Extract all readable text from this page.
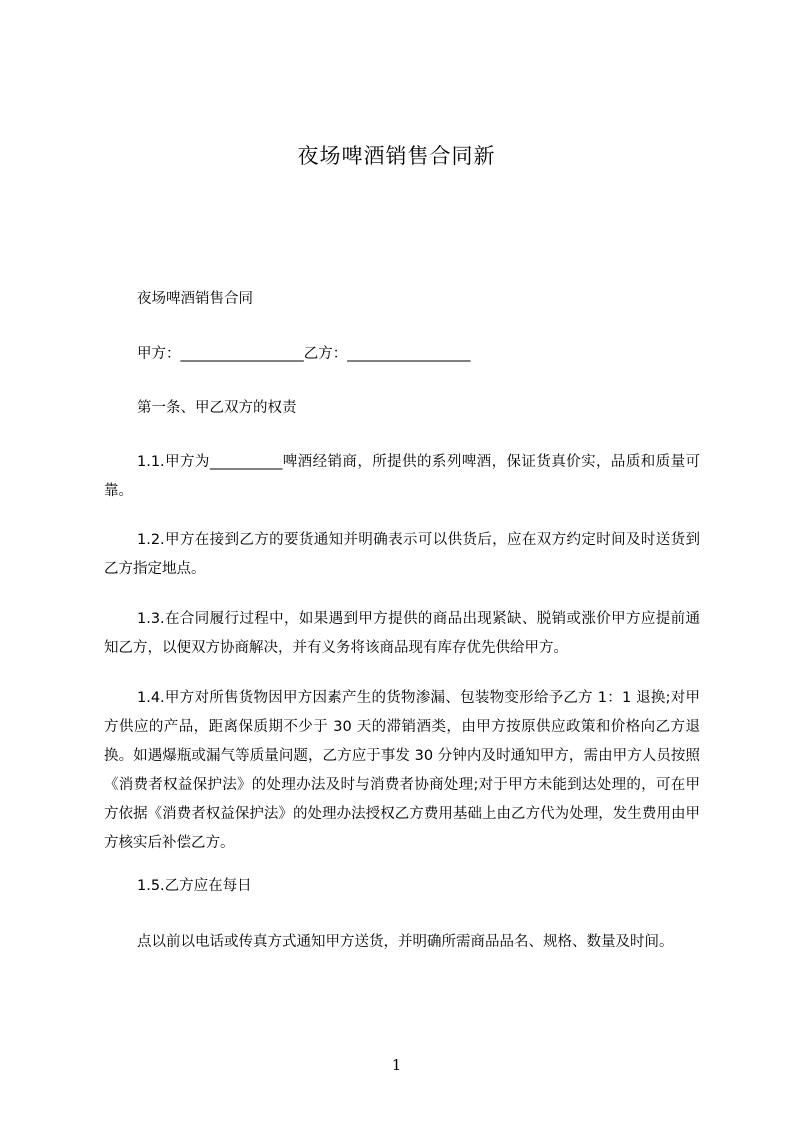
夜场啤酒销售合同新

夜场啤酒销售合同

甲方：_________________乙方：_________________

第一条、甲乙双方的权责

1.1.甲方为__________啤酒经销商，所提供的系列啤酒，保证货真价实，品质和质量可靠。

1.2.甲方在接到乙方的要货通知并明确表示可以供货后，应在双方约定时间及时送货到乙方指定地点。

1.3.在合同履行过程中，如果遇到甲方提供的商品出现紧缺、脱销或涨价甲方应提前通知乙方，以便双方协商解决，并有义务将该商品现有库存优先供给甲方。

1.4.甲方对所售货物因甲方因素产生的货物渗漏、包装物变形给予乙方 1：1 退换;对甲方供应的产品，距离保质期不少于 30 天的滞销酒类，由甲方按原供应政策和价格向乙方退换。如遇爆瓶或漏气等质量问题，乙方应于事发 30 分钟内及时通知甲方，需由甲方人员按照《消费者权益保护法》的处理办法及时与消费者协商处理;对于甲方未能到达处理的，可在甲方依据《消费者权益保护法》的处理办法授权乙方费用基础上由乙方代为处理，发生费用由甲方核实后补偿乙方。

1.5.乙方应在每日

点以前以电话或传真方式通知甲方送货，并明确所需商品品名、规格、数量及时间。

1
